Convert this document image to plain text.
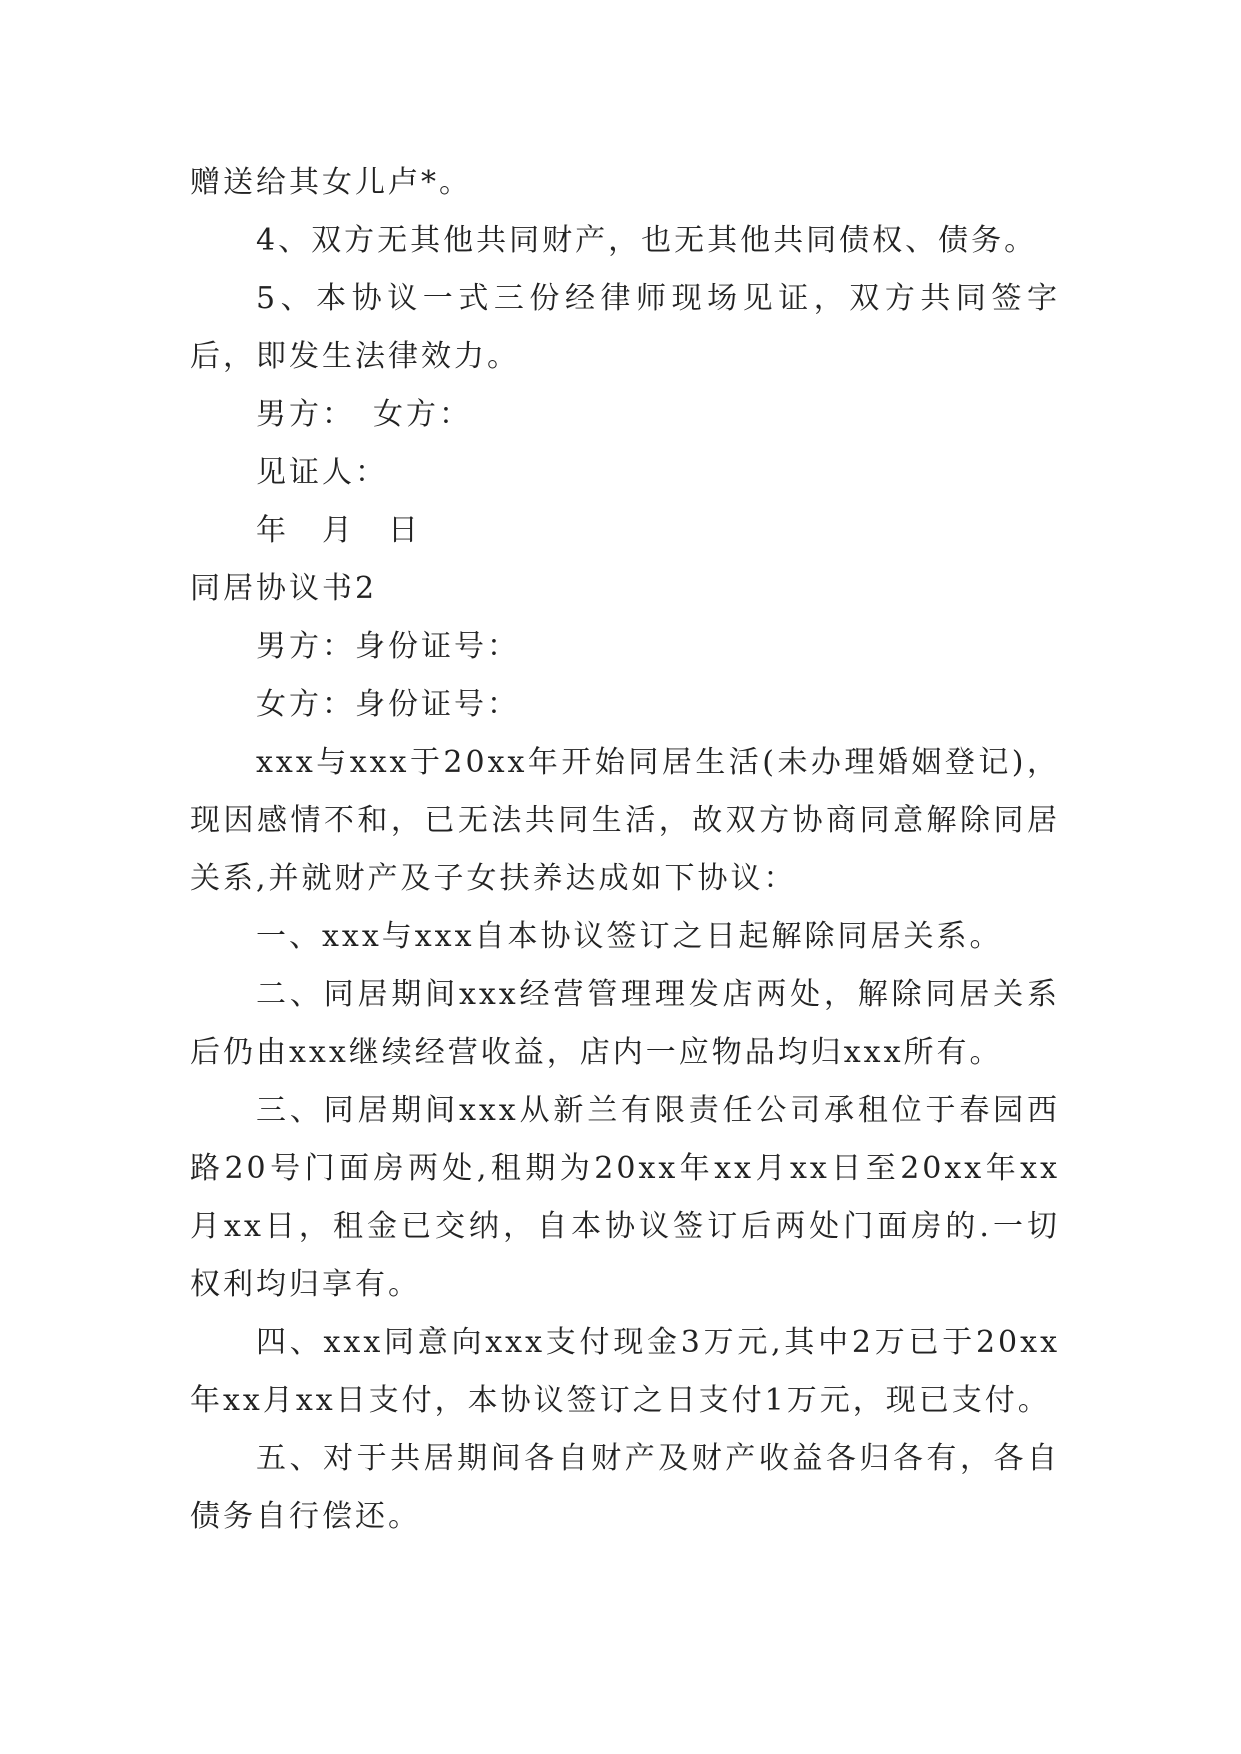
赠送给其女儿卢*。

4、双方无其他共同财产，也无其他共同债权、债务。

5、本协议一式三份经律师现场见证，双方共同签字后，即发生法律效力。

男方：　女方：

见证人：

年　月　日

同居协议书2

男方：身份证号：

女方：身份证号：

xxx与xxx于20xx年开始同居生活(未办理婚姻登记)，现因感情不和，已无法共同生活，故双方协商同意解除同居关系,并就财产及子女扶养达成如下协议：

一、xxx与xxx自本协议签订之日起解除同居关系。

二、同居期间xxx经营管理理发店两处，解除同居关系后仍由xxx继续经营收益，店内一应物品均归xxx所有。

三、同居期间xxx从新兰有限责任公司承租位于春园西路20号门面房两处,租期为20xx年xx月xx日至20xx年xx月xx日，租金已交纳，自本协议签订后两处门面房的.一切权利均归享有。

四、xxx同意向xxx支付现金3万元,其中2万已于20xx年xx月xx日支付，本协议签订之日支付1万元，现已支付。

五、对于共居期间各自财产及财产收益各归各有，各自债务自行偿还。
